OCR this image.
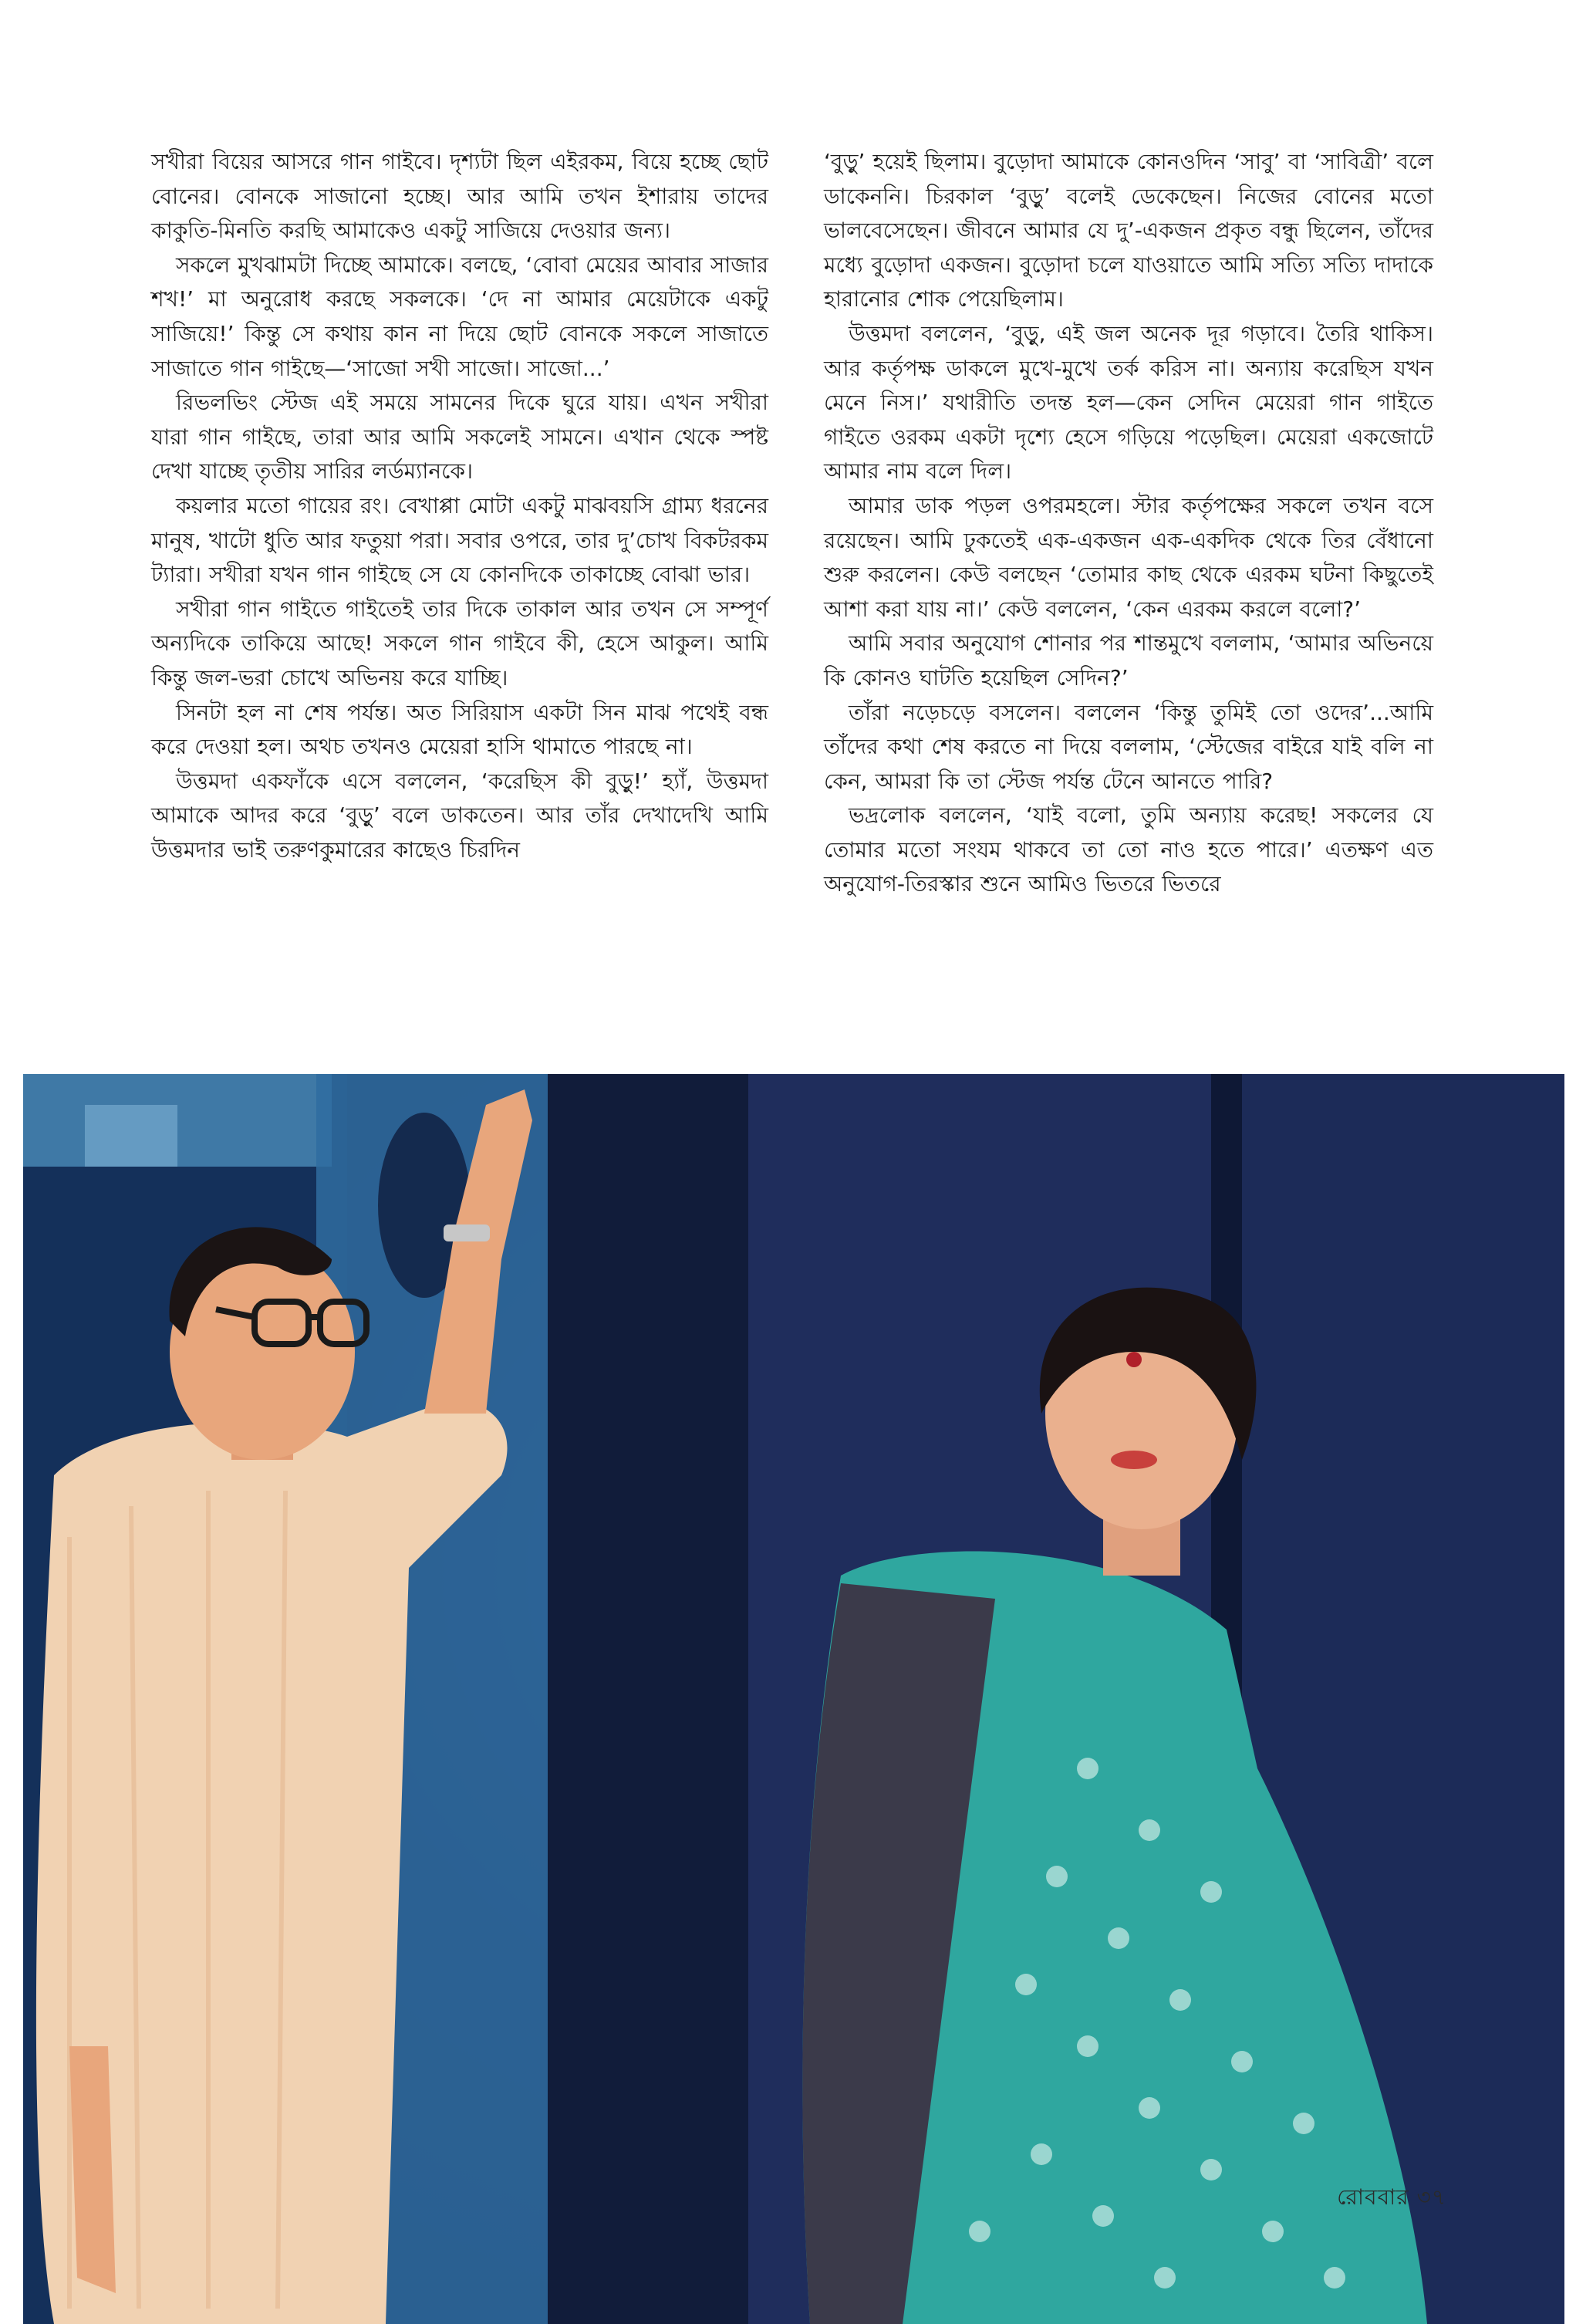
সখীরা বিয়ের আসরে গান গাইবে। দৃশ্যটা ছিল এইরকম, বিয়ে হচ্ছে ছোট বোনের। বোনকে সাজানো হচ্ছে। আর আমি তখন ইশারায় তাদের কাকুতি-মিনতি করছি আমাকেও একটু সাজিয়ে দেওয়ার জন্য।

সকলে মুখঝামটা দিচ্ছে আমাকে। বলছে, ‘বোবা মেয়ের আবার সাজার শখ!’ মা অনুরোধ করছে সকলকে। ‘দে না আমার মেয়েটাকে একটু সাজিয়ে!’ কিন্তু সে কথায় কান না দিয়ে ছোট বোনকে সকলে সাজাতে সাজাতে গান গাইছে—‘সাজো সখী সাজো। সাজো...’

রিভলভিং স্টেজ এই সময়ে সামনের দিকে ঘুরে যায়। এখন সখীরা যারা গান গাইছে, তারা আর আমি সকলেই সামনে। এখান থেকে স্পষ্ট দেখা যাচ্ছে তৃতীয় সারির লর্ডম্যানকে।

কয়লার মতো গায়ের রং। বেখাপ্পা মোটা একটু মাঝবয়সি গ্রাম্য ধরনের মানুষ, খাটো ধুতি আর ফতুয়া পরা। সবার ওপরে, তার দু’চোখ বিকটরকম ট্যারা। সখীরা যখন গান গাইছে সে যে কোনদিকে তাকাচ্ছে বোঝা ভার।

সখীরা গান গাইতে গাইতেই তার দিকে তাকাল আর তখন সে সম্পূর্ণ অন্যদিকে তাকিয়ে আছে! সকলে গান গাইবে কী, হেসে আকুল। আমি কিন্তু জল-ভরা চোখে অভিনয় করে যাচ্ছি।

সিনটা হল না শেষ পর্যন্ত। অত সিরিয়াস একটা সিন মাঝ পথেই বন্ধ করে দেওয়া হল। অথচ তখনও মেয়েরা হাসি থামাতে পারছে না।

উত্তমদা একফাঁকে এসে বললেন, ‘করেছিস কী বুড়ু!’ হ্যাঁ, উত্তমদা আমাকে আদর করে ‘বুড়ু’ বলে ডাকতেন। আর তাঁর দেখাদেখি আমি উত্তমদার ভাই তরুণকুমারের কাছেও চিরদিন

‘বুড়ু’ হয়েই ছিলাম। বুড়োদা আমাকে কোনওদিন ‘সাবু’ বা ‘সাবিত্রী’ বলে ডাকেননি। চিরকাল ‘বুড়ু’ বলেই ডেকেছেন। নিজের বোনের মতো ভালবেসেছেন। জীবনে আমার যে দু’-একজন প্রকৃত বন্ধু ছিলেন, তাঁদের মধ্যে বুড়োদা একজন। বুড়োদা চলে যাওয়াতে আমি সত্যি সত্যি দাদাকে হারানোর শোক পেয়েছিলাম।

উত্তমদা বললেন, ‘বুড়ু, এই জল অনেক দূর গড়াবে। তৈরি থাকিস। আর কর্তৃপক্ষ ডাকলে মুখে-মুখে তর্ক করিস না। অন্যায় করেছিস যখন মেনে নিস।’ যথারীতি তদন্ত হল—কেন সেদিন মেয়েরা গান গাইতে গাইতে ওরকম একটা দৃশ্যে হেসে গড়িয়ে পড়েছিল। মেয়েরা একজোটে আমার নাম বলে দিল।

আমার ডাক পড়ল ওপরমহলে। স্টার কর্তৃপক্ষের সকলে তখন বসে রয়েছেন। আমি ঢুকতেই এক-একজন এক-একদিক থেকে তির বেঁধানো শুরু করলেন। কেউ বলছেন ‘তোমার কাছ থেকে এরকম ঘটনা কিছুতেই আশা করা যায় না।’ কেউ বললেন, ‘কেন এরকম করলে বলো?’

আমি সবার অনুযোগ শোনার পর শান্তমুখে বললাম, ‘আমার অভিনয়ে কি কোনও ঘাটতি হয়েছিল সেদিন?’

তাঁরা নড়েচড়ে বসলেন। বললেন ‘কিন্তু তুমিই তো ওদের’...আমি তাঁদের কথা শেষ করতে না দিয়ে বললাম, ‘স্টেজের বাইরে যাই বলি না কেন, আমরা কি তা স্টেজ পর্যন্ত টেনে আনতে পারি?

ভদ্রলোক বললেন, ‘যাই বলো, তুমি অন্যায় করেছ! সকলের যে তোমার মতো সংযম থাকবে তা তো নাও হতে পারে।’ এতক্ষণ এত অনুযোগ-তিরস্কার শুনে আমিও ভিতরে ভিতরে

রোববার ৩৭
